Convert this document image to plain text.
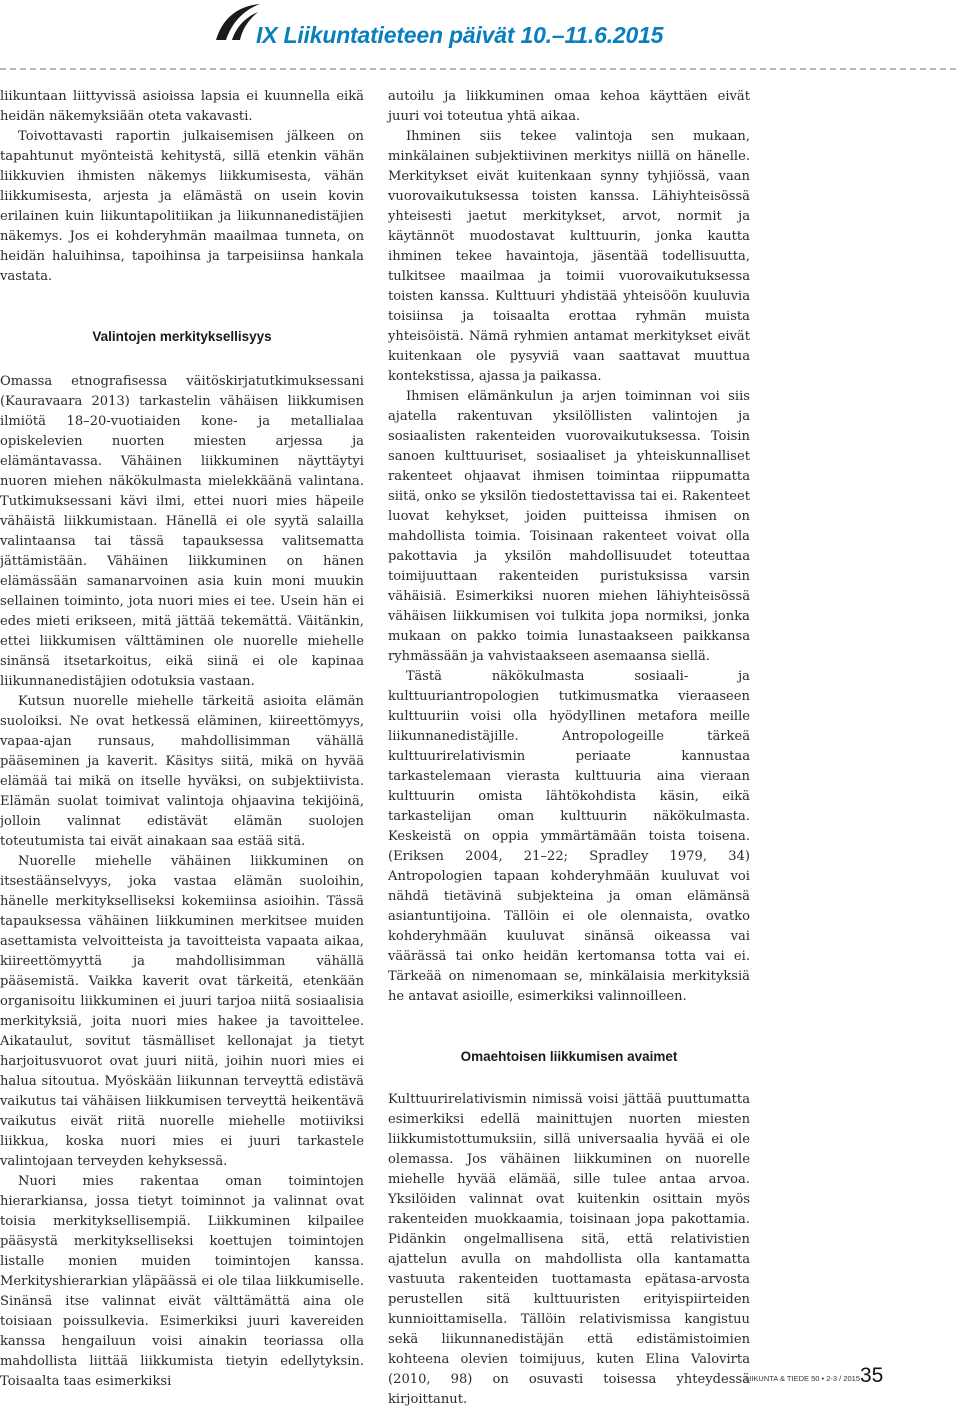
IX Liikuntatieteen päivät 10.–11.6.2015

liikuntaan liittyvissä asioissa lapsia ei kuunnella eikä heidän näkemyksiään oteta vakavasti.

Toivottavasti raportin julkaisemisen jälkeen on tapahtunut myönteistä kehitystä, sillä etenkin vähän liikkuvien ihmisten näkemys liikkumisesta, vähän liikkumisesta, arjesta ja elämästä on usein kovin erilainen kuin liikuntapolitiikan ja liikunnanedistäjien näkemys. Jos ei kohderyhmän maailmaa tunneta, on heidän haluihinsa, tapoihinsa ja tarpeisiinsa hankala vastata.

Valintojen merkityksellisyys

Omassa etnografisessa väitöskirjatutkimuksessani (Kauravaara 2013) tarkastelin vähäisen liikkumisen ilmiötä 18–20-vuotiaiden kone- ja metallialaa opiskelevien nuorten miesten arjessa ja elämäntavassa. Vähäinen liikkuminen näyttäytyi nuoren miehen näkökulmasta mielekkäänä valintana. Tutkimuksessani kävi ilmi, ettei nuori mies häpeile vähäistä liikkumistaan. Hänellä ei ole syytä salailla valintaansa tai tässä tapauksessa valitsematta jättämistään. Vähäinen liikkuminen on hänen elämässään samanarvoinen asia kuin moni muukin sellainen toiminto, jota nuori mies ei tee. Usein hän ei edes mieti erikseen, mitä jättää tekemättä. Väitänkin, ettei liikkumisen välttäminen ole nuorelle miehelle sinänsä itsetarkoitus, eikä siinä ei ole kapinaa liikunnanedistäjien odotuksia vastaan.

Kutsun nuorelle miehelle tärkeitä asioita elämän suoloiksi. Ne ovat hetkessä eläminen, kiireettömyys, vapaa-ajan runsaus, mahdollisimman vähällä pääseminen ja kaverit. Käsitys siitä, mikä on hyvää elämää tai mikä on itselle hyväksi, on subjektiivista. Elämän suolat toimivat valintoja ohjaavina tekijöinä, jolloin valinnat edistävät elämän suolojen toteutumista tai eivät ainakaan saa estää sitä.

Nuorelle miehelle vähäinen liikkuminen on itsestäänselvyys, joka vastaa elämän suoloihin, hänelle merkitykselliseksi kokemiinsa asioihin. Tässä tapauksessa vähäinen liikkuminen merkitsee muiden asettamista velvoitteista ja tavoitteista vapaata aikaa, kiireettömyyttä ja mahdollisimman vähällä pääsemistä. Vaikka kaverit ovat tärkeitä, etenkään organisoitu liikkuminen ei juuri tarjoa niitä sosiaalisia merkityksiä, joita nuori mies hakee ja tavoittelee. Aikataulut, sovitut täsmälliset kellonajat ja tietyt harjoitusvuorot ovat juuri niitä, joihin nuori mies ei halua sitoutua. Myöskään liikunnan terveyttä edistävä vaikutus tai vähäisen liikkumisen terveyttä heikentävä vaikutus eivät riitä nuorelle miehelle motiiviksi liikkua, koska nuori mies ei juuri tarkastele valintojaan terveyden kehyksessä.

Nuori mies rakentaa oman toimintojen hierarkiansa, jossa tietyt toiminnot ja valinnat ovat toisia merkityksellisempiä. Liikkuminen kilpailee pääsystä merkitykselliseksi koettujen toimintojen listalle monien muiden toimintojen kanssa. Merkityshierarkian yläpäässä ei ole tilaa liikkumiselle. Sinänsä itse valinnat eivät välttämättä aina ole toisiaan poissulkevia. Esimerkiksi juuri kavereiden kanssa hengailuun voisi ainakin teoriassa olla mahdollista liittää liikkumista tietyin edellytyksin. Toisaalta taas esimerkiksi

autoilu ja liikkuminen omaa kehoa käyttäen eivät juuri voi toteutua yhtä aikaa.

Ihminen siis tekee valintoja sen mukaan, minkälainen subjektiivinen merkitys niillä on hänelle. Merkitykset eivät kuitenkaan synny tyhjiössä, vaan vuorovaikutuksessa toisten kanssa. Lähiyhteisössä yhteisesti jaetut merkitykset, arvot, normit ja käytännöt muodostavat kulttuurin, jonka kautta ihminen tekee havaintoja, jäsentää todellisuutta, tulkitsee maailmaa ja toimii vuorovaikutuksessa toisten kanssa. Kulttuuri yhdistää yhteisöön kuuluvia toisiinsa ja toisaalta erottaa ryhmän muista yhteisöistä. Nämä ryhmien antamat merkitykset eivät kuitenkaan ole pysyviä vaan saattavat muuttua kontekstissa, ajassa ja paikassa.

Ihmisen elämänkulun ja arjen toiminnan voi siis ajatella rakentuvan yksilöllisten valintojen ja sosiaalisten rakenteiden vuorovaikutuksessa. Toisin sanoen kulttuuriset, sosiaaliset ja yhteiskunnalliset rakenteet ohjaavat ihmisen toimintaa riippumatta siitä, onko se yksilön tiedostettavissa tai ei. Rakenteet luovat kehykset, joiden puitteissa ihmisen on mahdollista toimia. Toisinaan rakenteet voivat olla pakottavia ja yksilön mahdollisuudet toteuttaa toimijuuttaan rakenteiden puristuksissa varsin vähäisiä. Esimerkiksi nuoren miehen lähiyhteisössä vähäisen liikkumisen voi tulkita jopa normiksi, jonka mukaan on pakko toimia lunastaakseen paikkansa ryhmässään ja vahvistaakseen asemaansa siellä.

Tästä näkökulmasta sosiaali- ja kulttuuriantropologien tutkimusmatka vieraaseen kulttuuriin voisi olla hyödyllinen metafora meille liikunnanedistäjille. Antropologeille tärkeä kulttuurirelativismin periaate kannustaa tarkastelemaan vierasta kulttuuria aina vieraan kulttuurin omista lähtökohdista käsin, eikä tarkastelijan oman kulttuurin näkökulmasta. Keskeistä on oppia ymmärtämään toista toisena. (Eriksen 2004, 21–22; Spradley 1979, 34) Antropologien tapaan kohderyhmään kuuluvat voi nähdä tietävinä subjekteina ja oman elämänsä asiantuntijoina. Tällöin ei ole olennaista, ovatko kohderyhmään kuuluvat sinänsä oikeassa vai väärässä tai onko heidän kertomansa totta vai ei. Tärkeää on nimenomaan se, minkälaisia merkityksiä he antavat asioille, esimerkiksi valinnoilleen.

Omaehtoisen liikkumisen avaimet

Kulttuurirelativismin nimissä voisi jättää puuttumatta esimerkiksi edellä mainittujen nuorten miesten liikkumistottumuksiin, sillä universaalia hyvää ei ole olemassa. Jos vähäinen liikkuminen on nuorelle miehelle hyvää elämää, sille tulee antaa arvoa. Yksilöiden valinnat ovat kuitenkin osittain myös rakenteiden muokkaamia, toisinaan jopa pakottamia. Pidänkin ongelmallisena sitä, että relativistien ajattelun avulla on mahdollista olla kantamatta vastuuta rakenteiden tuottamasta epätasa-arvosta perustellen sitä kulttuuristen erityispiirteiden kunnioittamisella. Tällöin relativismissa kangistuu sekä liikunnanedistäjän että edistämistoimien kohteena olevien toimijuus, kuten Elina Valovirta (2010, 98) on osuvasti toisessa yhteydessä kirjoittanut.

LIIKUNTA & TIEDE 50 • 2-3 / 2015 35
